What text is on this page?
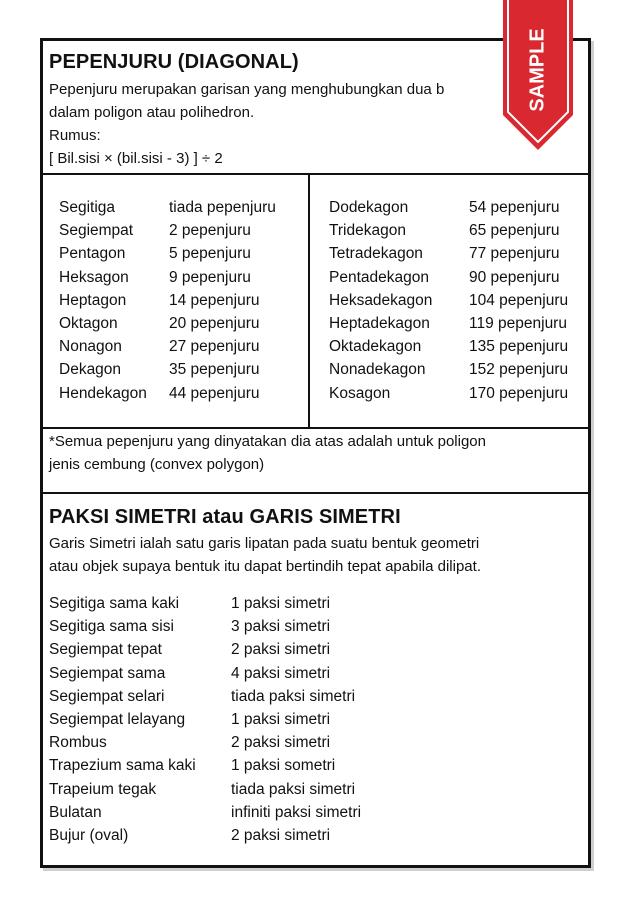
PEPENJURU (DIAGONAL)

Pepenjuru merupakan garisan yang menghubungkan dua b

dalam poligon atau polihedron.

Rumus:

[ Bil.sisi × (bil.sisi - 3) ] ÷ 2

Segitiga	tiada pepenjuru
Segiempat 2 pepenjuru
Pentagon	5 pepenjuru
Heksagon	9 pepenjuru
Heptagon	14 pepenjuru
Oktagon	20 pepenjuru
Nonagon	27 pepenjuru
Dekagon	35 pepenjuru
Hendekagon 44 pepenjuru
Dodekagon	54 pepenjuru
Tridekagon	65 pepenjuru
Tetradekagon	77 pepenjuru
Pentadekagon	90 pepenjuru
Heksadekagon 104 pepenjuru
Heptadekagon	119 pepenjuru
Oktadekagon	135 pepenjuru
Nonadekagon	152 pepenjuru
Kosagon	170 pepenjuru

*Semua pepenjuru yang dinyatakan dia atas adalah untuk poligon

jenis cembung (convex polygon)

PAKSI SIMETRI atau GARIS SIMETRI

Garis Simetri ialah satu garis lipatan pada suatu bentuk geometri

atau objek supaya bentuk itu dapat bertindih tepat apabila dilipat.

Segitiga sama kaki	1 paksi simetri
Segitiga sama sisi	3 paksi simetri
Segiempat tepat	2 paksi simetri
Segiempat sama	4 paksi simetri
Segiempat selari	tiada paksi simetri
Segiempat lelayang	1 paksi simetri
Rombus	2 paksi simetri
Trapezium sama kaki 1 paksi sometri
Trapeium tegak	tiada paksi simetri
Bulatan	infiniti paksi simetri
Bujur (oval)	2 paksi simetri
SAMPLE
